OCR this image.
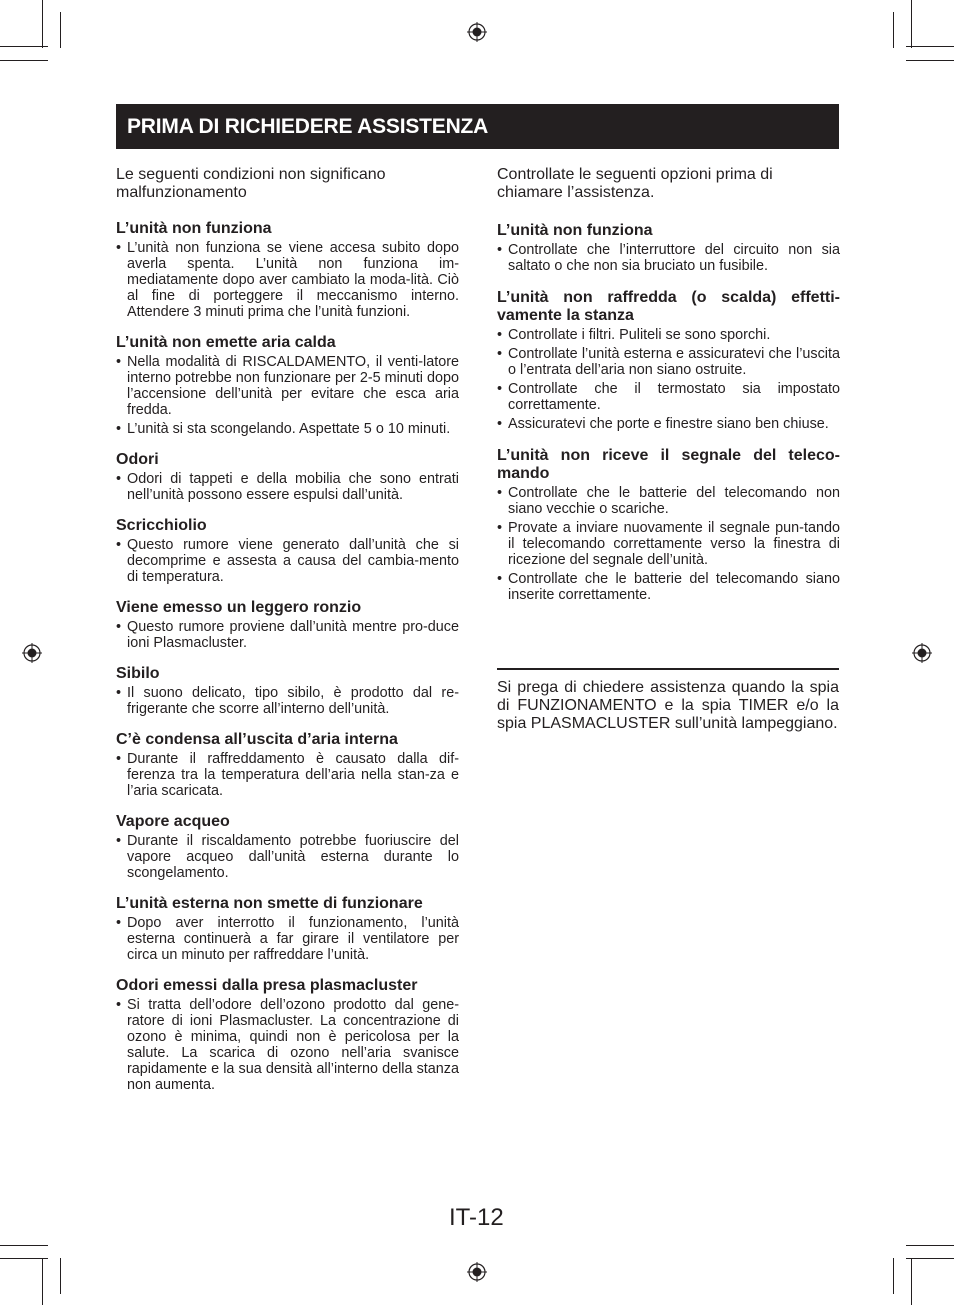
PRIMA DI RICHIEDERE ASSISTENZA

Le seguenti condizioni non significano malfunzionamento

L’unità non funziona
• L’unità non funziona se viene accesa subito dopo averla spenta. L’unità non funziona im-mediatamente dopo aver cambiato la moda-lità. Ciò al fine di porteggere il meccanismo interno. Attendere 3 minuti prima che l’unità funzioni.
L’unità non emette aria calda
• Nella modalità di RISCALDAMENTO, il venti-latore interno potrebbe non funzionare per 2-5 minuti dopo l’accensione dell’unità per evitare che esca aria fredda.
• L’unità si sta scongelando. Aspettate 5 o 10 minuti.
Odori
• Odori di tappeti e della mobilia che sono entrati nell’unità possono essere espulsi dall’unità.
Scricchiolio
• Questo rumore viene generato dall’unità che si decomprime e assesta a causa del cambia-mento di temperatura.
Viene emesso un leggero ronzio
• Questo rumore proviene dall’unità mentre pro-duce ioni Plasmacluster.
Sibilo
• Il suono delicato, tipo sibilo, è prodotto dal re-frigerante che scorre all’interno dell’unità.
C’è condensa all’uscita d’aria interna
• Durante il raffreddamento è causato dalla dif-ferenza tra la temperatura dell’aria nella stan-za e l’aria scaricata.
Vapore acqueo
• Durante il riscaldamento potrebbe fuoriuscire del vapore acqueo dall’unità esterna durante lo scongelamento.
L’unità esterna non smette di funzionare
• Dopo aver interrotto il funzionamento, l’unità esterna continuerà a far girare il ventilatore per circa un minuto per raffreddare l’unità.
Odori emessi dalla presa plasmacluster
• Si tratta dell’odore dell’ozono prodotto dal gene-ratore di ioni Plasmacluster. La concentrazione di ozono è minima, quindi non è pericolosa per la salute. La scarica di ozono nell’aria svanisce rapidamente e la sua densità all’interno della stanza non aumenta.

Controllate le seguenti opzioni prima di chiamare l’assistenza.

L’unità non funziona
• Controllate che l’interruttore del circuito non sia saltato o che non sia bruciato un fusibile.
L’unità non raffredda (o scalda) effetti-vamente la stanza
• Controllate i filtri. Puliteli se sono sporchi.
• Controllate l’unità esterna e assicuratevi che l’uscita o l’entrata dell’aria non siano ostruite.
• Controllate che il termostato sia impostato correttamente.
• Assicuratevi che porte e finestre siano ben chiuse.
L’unità non riceve il segnale del teleco-mando
• Controllate che le batterie del telecomando non siano vecchie o scariche.
• Provate a inviare nuovamente il segnale pun-tando il telecomando correttamente verso la finestra di ricezione del segnale dell’unità.
• Controllate che le batterie del telecomando siano inserite correttamente.

Si prega di chiedere assistenza quando la spia di FUNZIONAMENTO e la spia TIMER e/o la spia PLASMACLUSTER sull’unità lampeggiano.

IT-12
